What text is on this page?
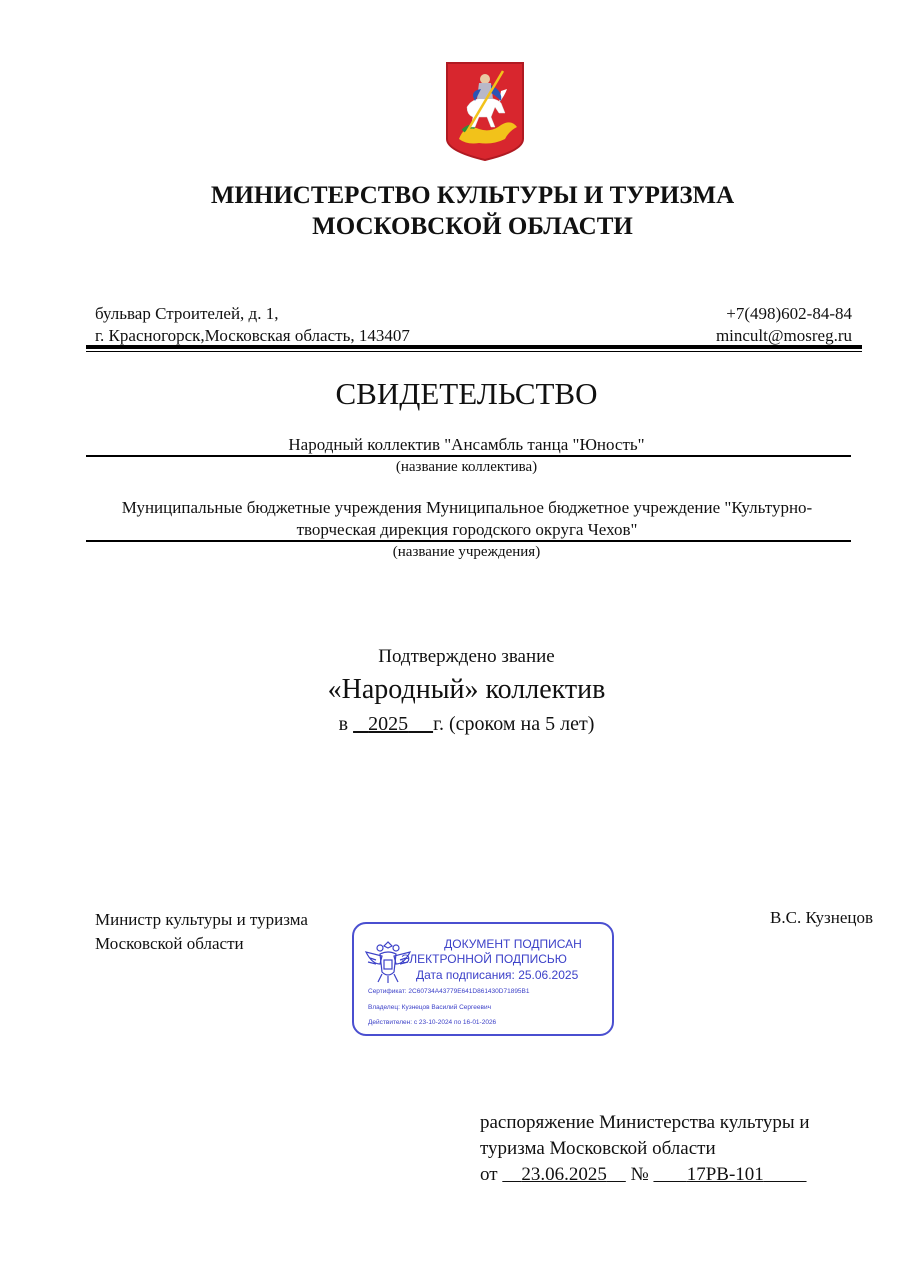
МИНИСТЕРСТВО КУЛЬТУРЫ И ТУРИЗМА
МОСКОВСКОЙ ОБЛАСТИ
бульвар Строителей, д. 1,
г. Красногорск,Московская область, 143407
+7(498)602-84-84
mincult@mosreg.ru
СВИДЕТЕЛЬСТВО
Народный коллектив "Ансамбль танца "Юность"
(название коллектива)
Муниципальные бюджетные учреждения Муниципальное бюджетное учреждение "Культурно-
творческая дирекция городского округа Чехов"
(название учреждения)
Подтверждено звание
«Народный» коллектив
в    2025 г. (сроком на 5 лет)
Министр культуры и туризма
Московской области
В.С. Кузнецов
ДОКУМЕНТ ПОДПИСАН
ЭЛЕКТРОННОЙ ПОДПИСЬЮ
Дата подписания: 25.06.2025
Сертификат: 2C60734A43779E641D861430D71895B1
Владелец: Кузнецов Василий Сергеевич
Действителен: с 23-10-2024 по 16-01-2026
распоряжение Министерства культуры и
туризма Московской области
от     23.06.2025     №        17РВ-101
